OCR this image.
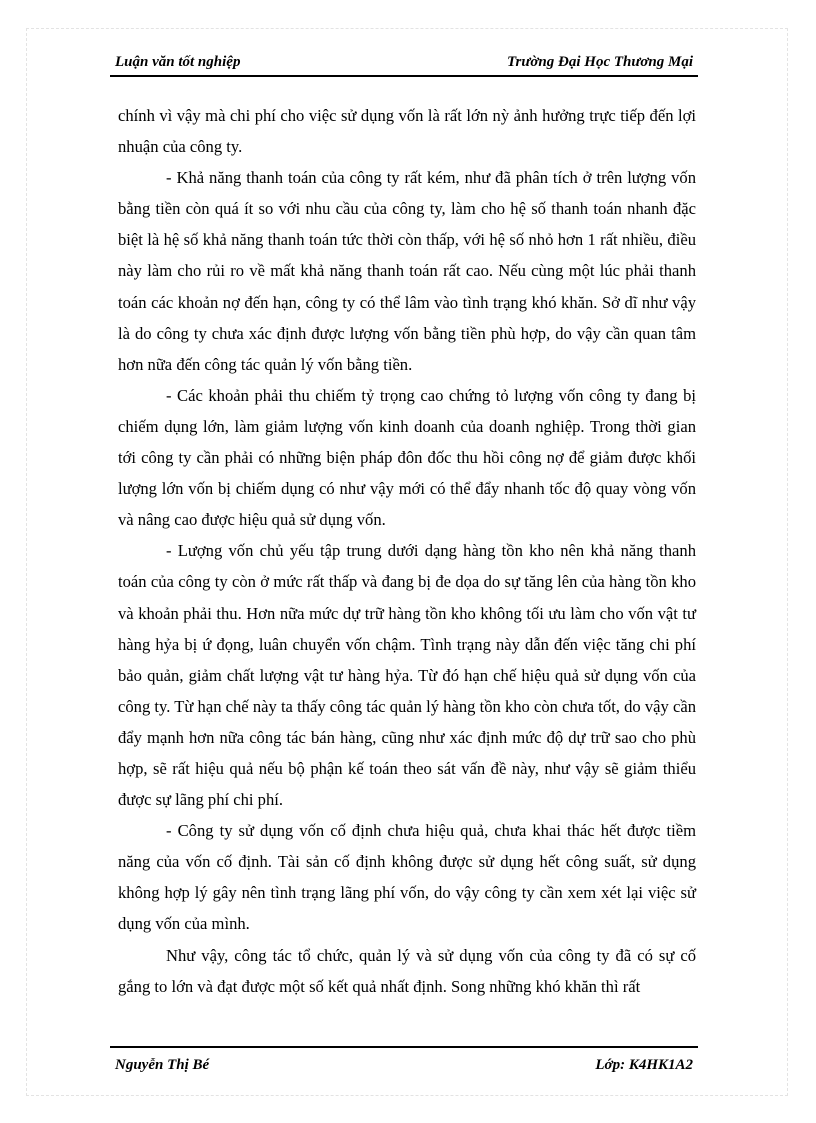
Luận văn tốt nghiệp	Trường Đại Học Thương Mại

chính vì vậy mà chi phí cho việc sử dụng vốn là rất lớn nỳ ảnh hưởng trực tiếp đến lợi nhuận của công ty.

- Khả năng thanh toán của công ty rất kém, như đã phân tích ở trên lượng vốn bằng tiền còn quá ít so với nhu cầu của công ty, làm cho hệ số thanh toán nhanh đặc biệt là hệ số khả năng thanh toán tức thời còn thấp, với hệ số nhỏ hơn 1 rất nhiều, điều này làm cho rủi ro về mất khả năng thanh toán rất cao. Nếu cùng một lúc phải thanh toán các khoản nợ đến hạn, công ty có thể lâm vào tình trạng khó khăn. Sở dĩ như vậy là do công ty chưa xác định được lượng vốn bằng tiền phù hợp, do vậy cần quan tâm hơn nữa đến công tác quản lý vốn bằng tiền.

- Các khoản phải thu chiếm tỷ trọng cao chứng tỏ lượng vốn công ty đang bị chiếm dụng lớn, làm giảm lượng vốn kinh doanh của doanh nghiệp. Trong thời gian tới công ty cần phải có những biện pháp đôn đốc thu hồi công nợ để giảm được khối lượng lớn vốn bị chiếm dụng có như vậy mới có thể đẩy nhanh tốc độ quay vòng vốn và nâng cao được hiệu quả sử dụng vốn.

- Lượng vốn chủ yếu tập trung dưới dạng hàng tồn kho nên khả năng thanh toán của công ty còn ở mức rất thấp và đang bị đe dọa do sự tăng lên của hàng tồn kho và khoản phải thu. Hơn nữa mức dự trữ hàng tồn kho không tối ưu làm cho vốn vật tư hàng hỷa bị ứ đọng, luân chuyển vốn chậm. Tình trạng này dẫn đến việc tăng chi phí bảo quản, giảm chất lượng vật tư hàng hỷa. Từ đó hạn chế hiệu quả sử dụng vốn của công ty. Từ hạn chế này ta thấy công tác quản lý hàng tồn kho còn chưa tốt, do vậy cần đẩy mạnh hơn nữa công tác bán hàng, cũng như xác định mức độ dự trữ sao cho phù hợp, sẽ rất hiệu quả nếu bộ phận kế toán theo sát vấn đề này, như vậy sẽ giảm thiểu được sự lãng phí chi phí.

- Công ty sử dụng vốn cố định chưa hiệu quả, chưa khai thác hết được tiềm năng của vốn cố định. Tài sản cố định không được sử dụng hết công suất, sử dụng không hợp lý gây nên tình trạng lãng phí vốn, do vậy công ty cần xem xét lại việc sử dụng vốn của mình.

Như vậy, công tác tổ chức, quản lý và sử dụng vốn của công ty đã có sự cố gắng to lớn và đạt được một số kết quả nhất định. Song những khó khăn thì rất

Nguyễn Thị Bé	Lớp: K4HK1A2
